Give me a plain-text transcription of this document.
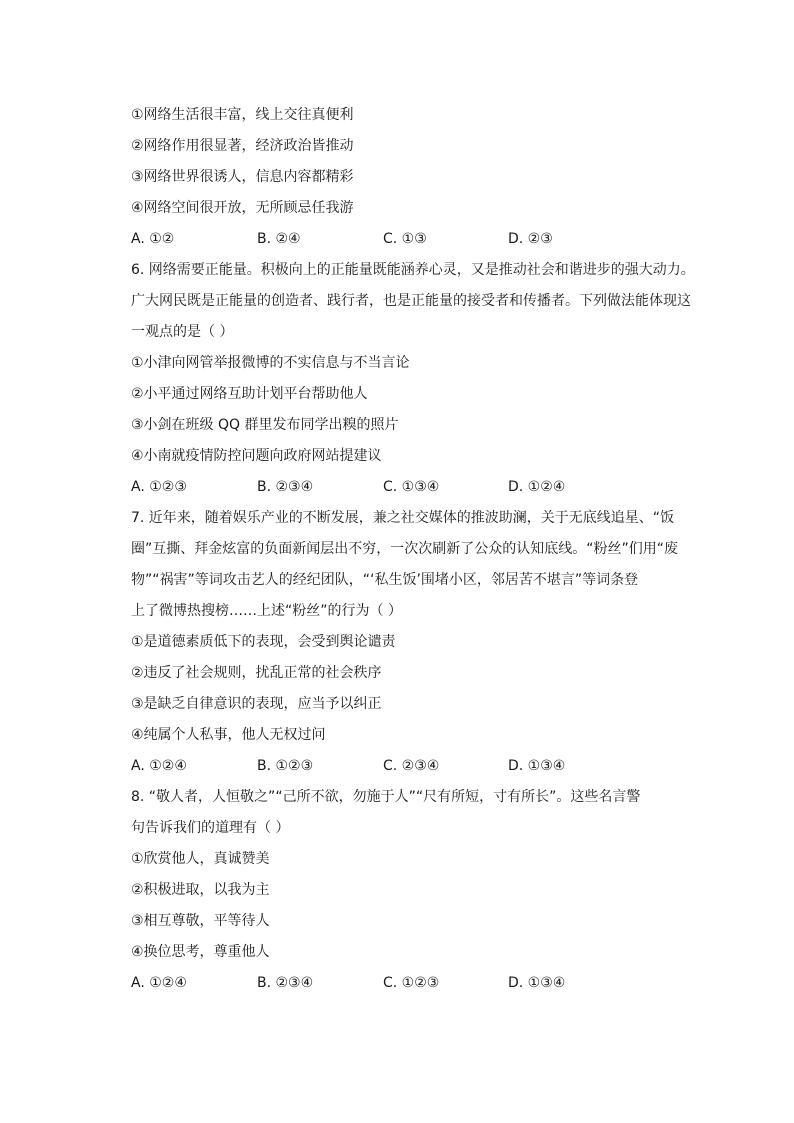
①网络生活很丰富，线上交往真便利
②网络作用很显著，经济政治皆推动
③网络世界很诱人，信息内容都精彩
④网络空间很开放，无所顾忌任我游
A. ①②	B. ②④	C. ①③	D. ②③
6. 网络需要正能量。积极向上的正能量既能涵养心灵，又是推动社会和谐进步的强大动力。
广大网民既是正能量的创造者、践行者，也是正能量的接受者和传播者。下列做法能体现这
一观点的是（ ）
①小津向网管举报微博的不实信息与不当言论
②小平通过网络互助计划平台帮助他人
③小剑在班级 QQ 群里发布同学出糗的照片
④小南就疫情防控问题向政府网站提建议
A. ①②③	B. ②③④	C. ①③④	D. ①②④
7. 近年来，随着娱乐产业的不断发展，兼之社交媒体的推波助澜，关于无底线追星、“饭
圈”互撕、拜金炫富的负面新闻层出不穷，一次次刷新了公众的认知底线。“粉丝”们用“废
物”“祸害”等词攻击艺人的经纪团队，“‘私生饭’围堵小区，邻居苦不堪言”等词条登
上了微博热搜榜……上述“粉丝”的行为（ ）
①是道德素质低下的表现，会受到舆论谴责
②违反了社会规则，扰乱正常的社会秩序
③是缺乏自律意识的表现，应当予以纠正
④纯属个人私事，他人无权过问
A. ①②④	B. ①②③	C. ②③④	D. ①③④
8. “敬人者，人恒敬之”“己所不欲，勿施于人”“尺有所短，寸有所长”。这些名言警
句告诉我们的道理有（ ）
①欣赏他人，真诚赞美
②积极进取，以我为主
③相互尊敬，平等待人
④换位思考，尊重他人
A. ①②④	B. ②③④	C. ①②③	D. ①③④
